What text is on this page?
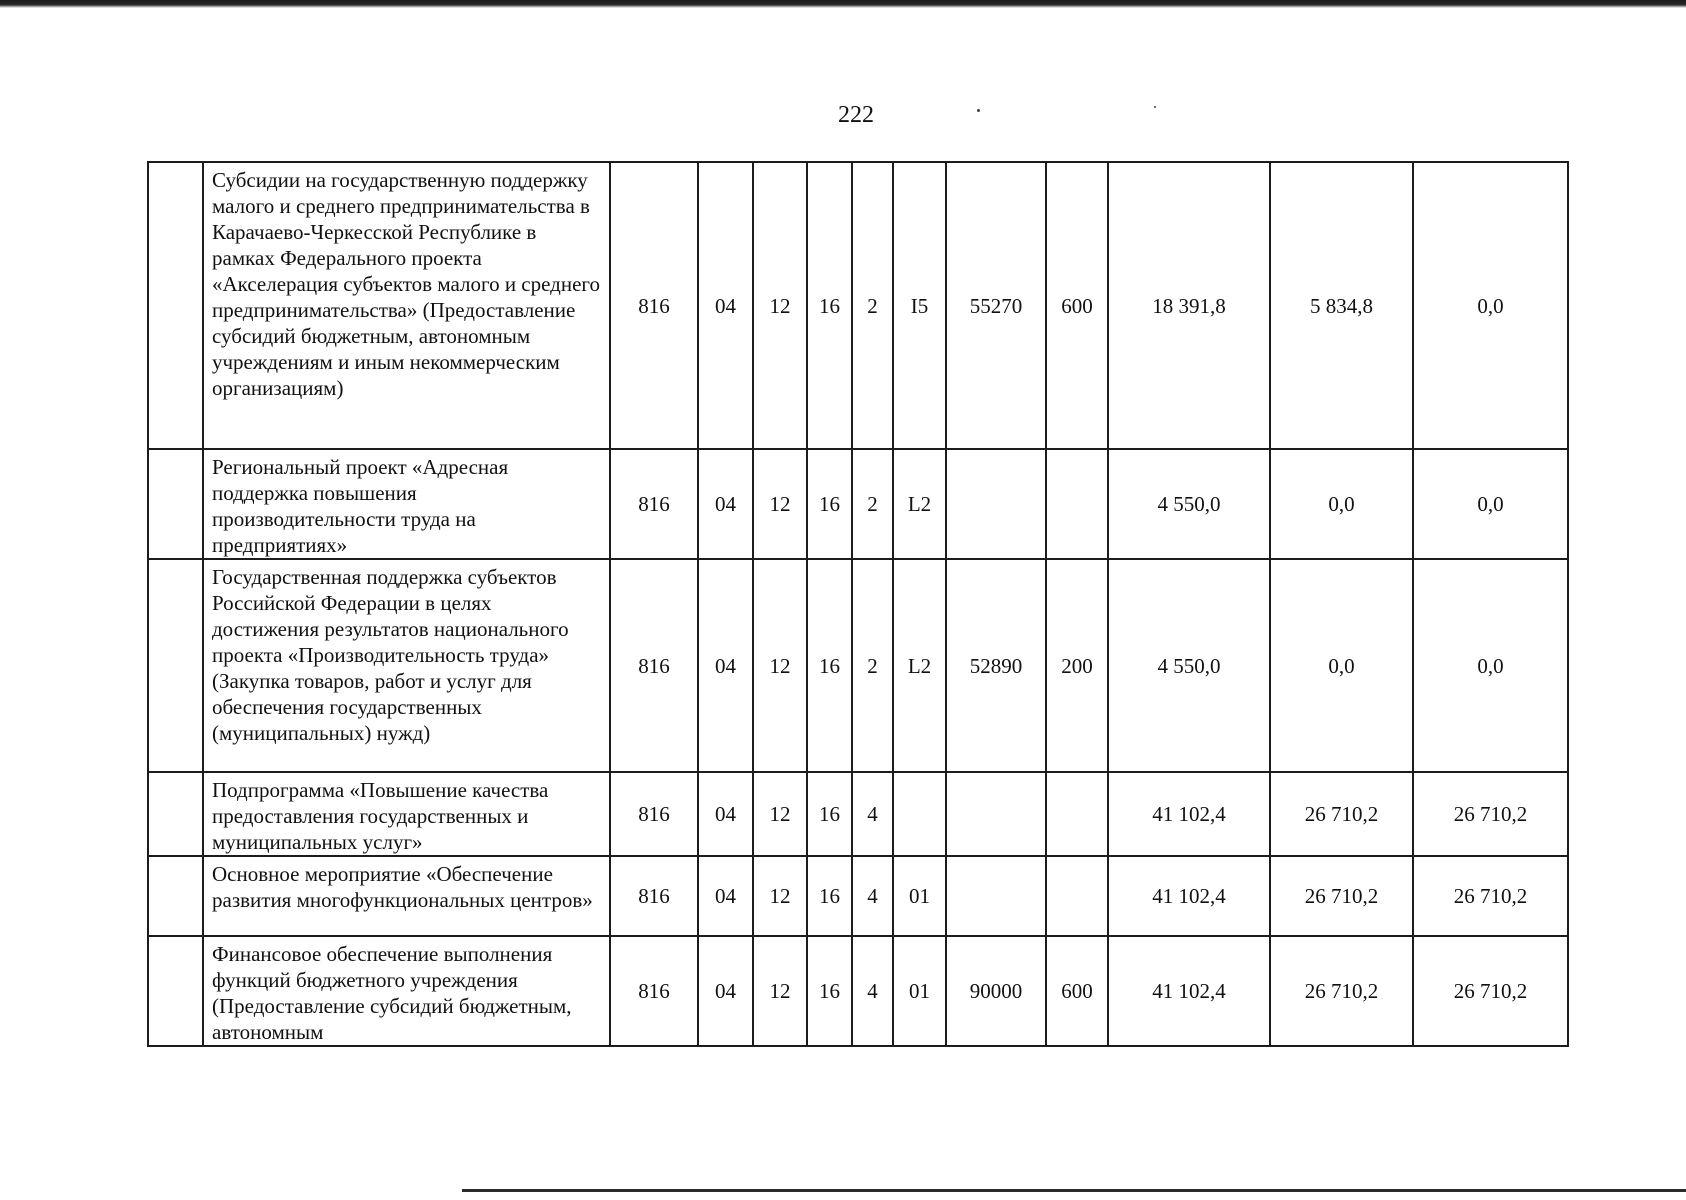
222
	Субсидии на государственную поддержку малого и среднего предпринимательства в Карачаево-Черкесской Республике в рамках Федерального проекта «Акселерация субъектов малого и среднего предпринимательства» (Предоставление субсидий бюджетным, автономным учреждениям и иным некоммерческим организациям)	816	04	12	16	2	I5	55270	600	18 391,8	5 834,8	0,0
	Региональный проект «Адресная поддержка повышения производительности труда на предприятиях»	816	04	12	16	2	L2			4 550,0	0,0	0,0
	Государственная поддержка субъектов Российской Федерации в целях достижения результатов национального проекта «Производительность труда» (Закупка товаров, работ и услуг для обеспечения государственных (муниципальных) нужд)	816	04	12	16	2	L2	52890	200	4 550,0	0,0	0,0
	Подпрограмма «Повышение качества предоставления государственных и муниципальных услуг»	816	04	12	16	4				41 102,4	26 710,2	26 710,2
	Основное мероприятие «Обеспечение развития многофункциональных центров»	816	04	12	16	4	01			41 102,4	26 710,2	26 710,2
	Финансовое обеспечение выполнения функций бюджетного учреждения (Предоставление субсидий бюджетным, автономным	816	04	12	16	4	01	90000	600	41 102,4	26 710,2	26 710,2
